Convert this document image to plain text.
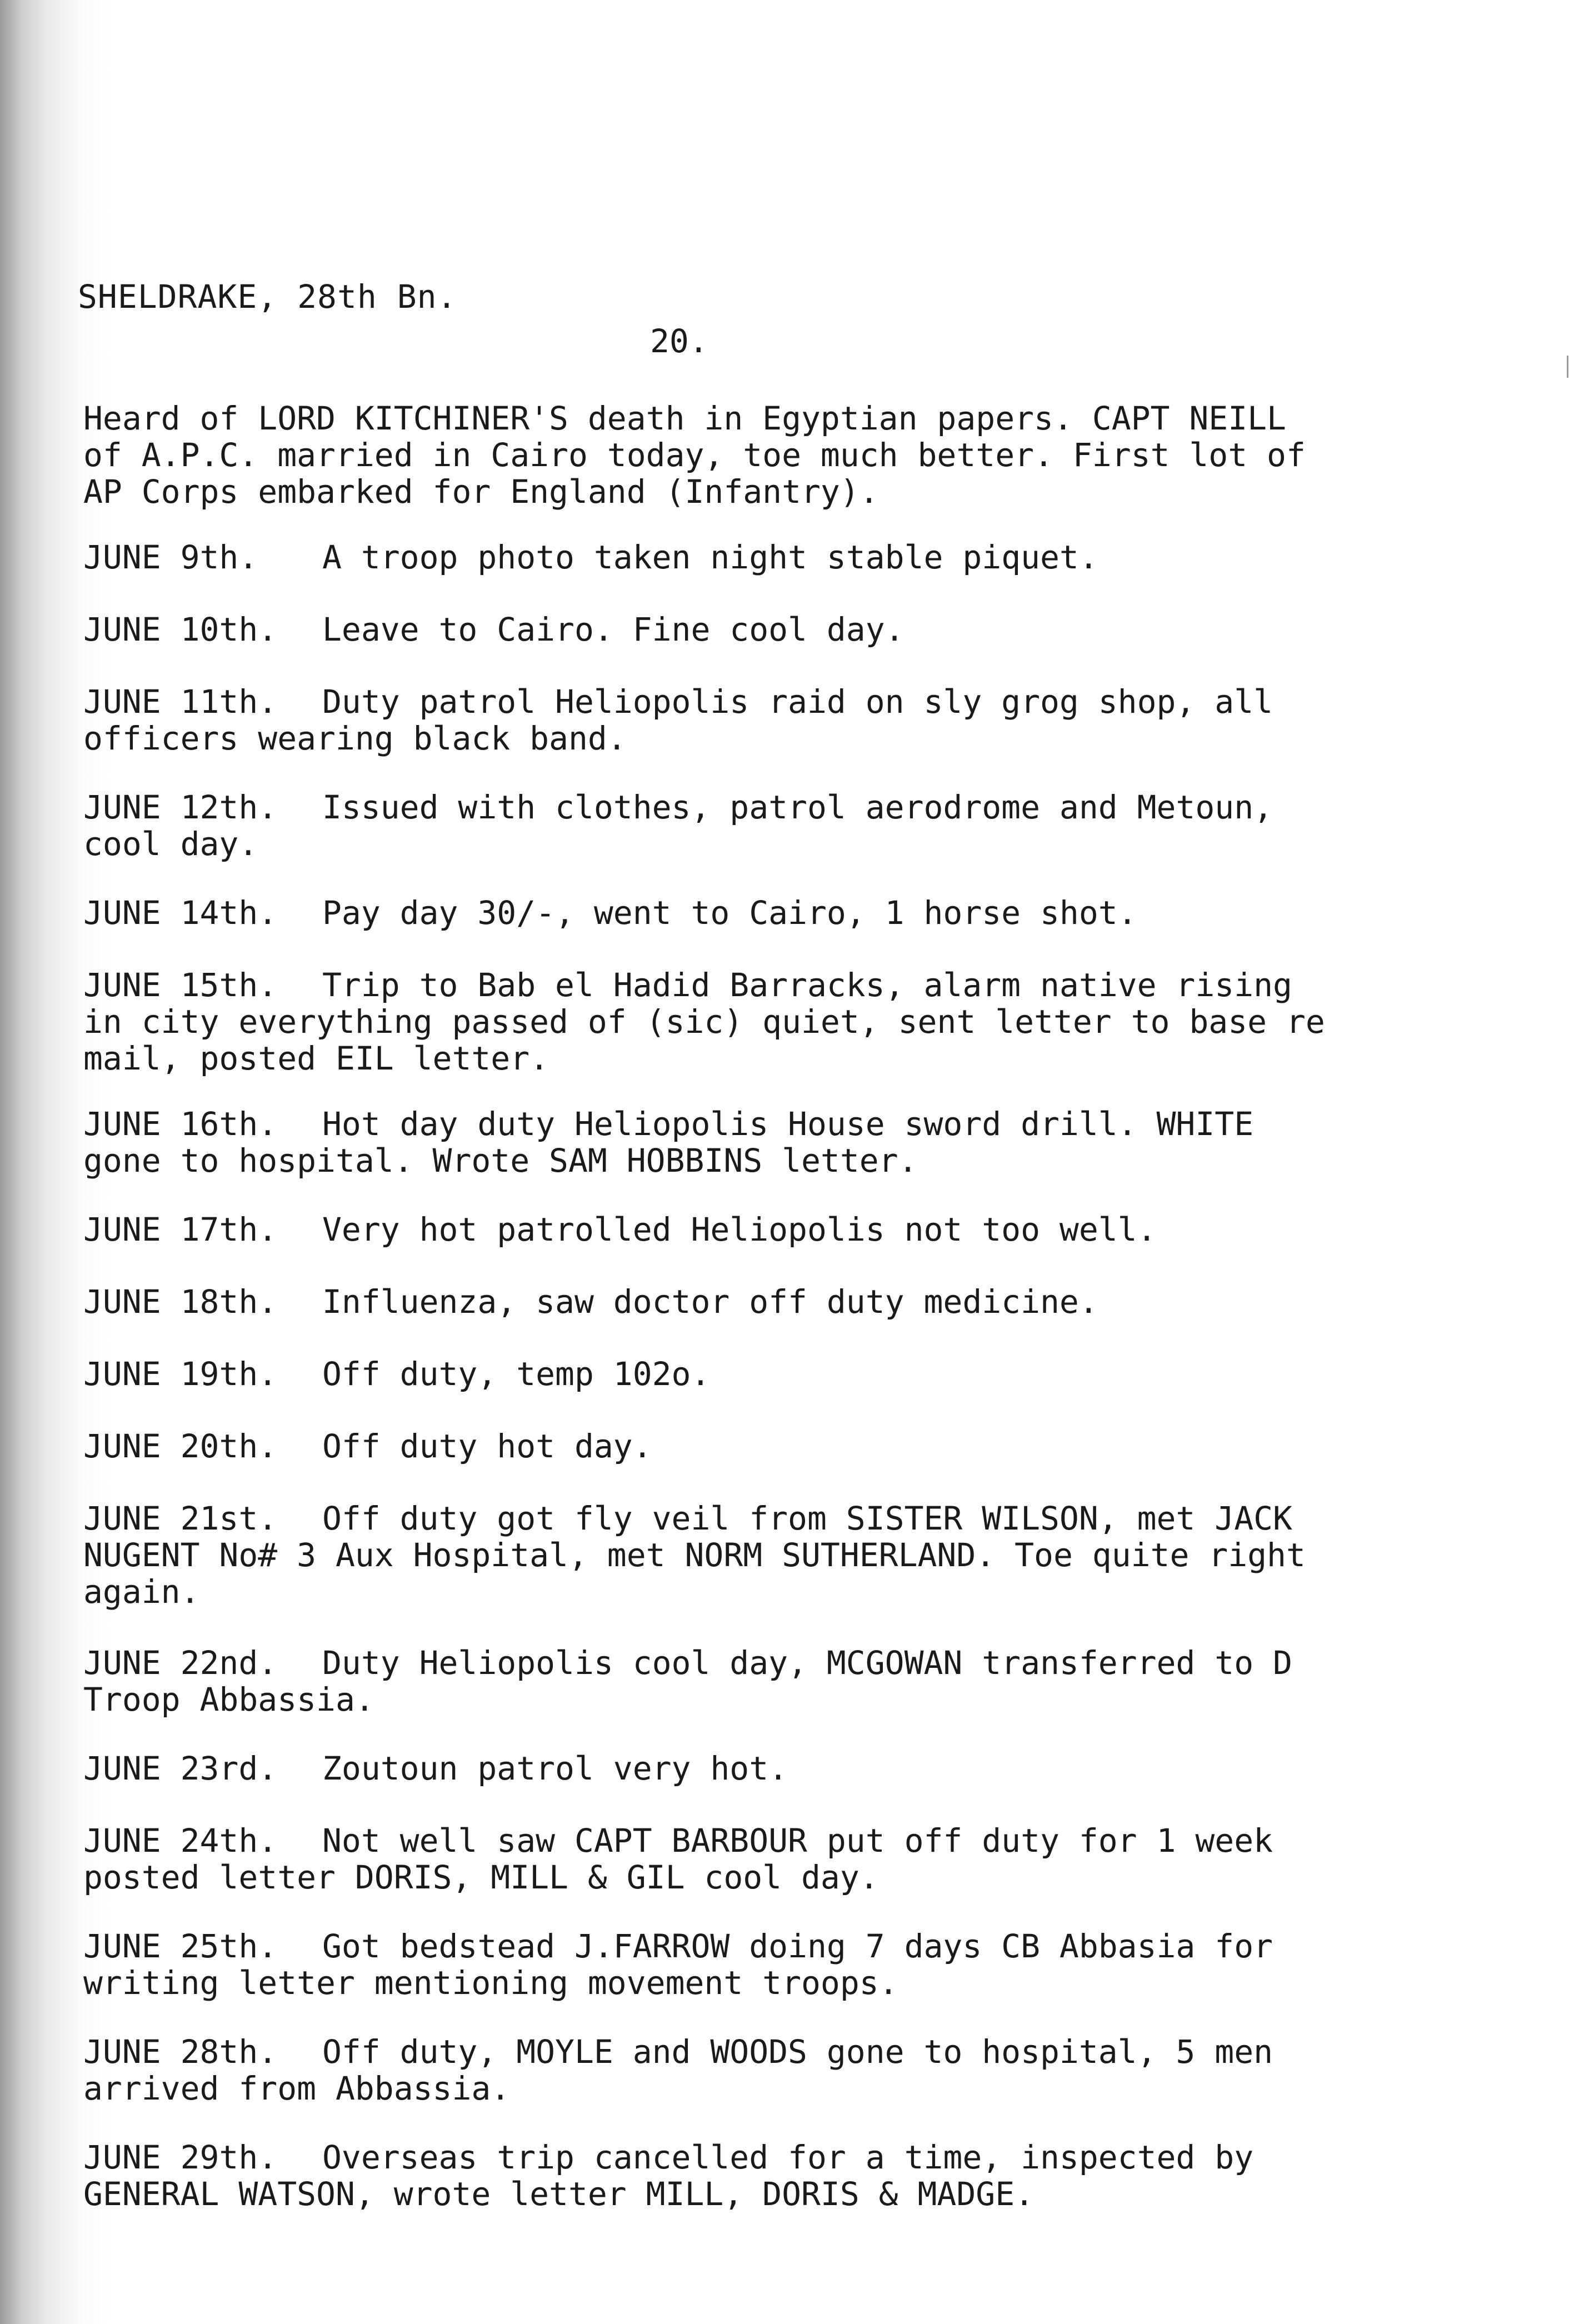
SHELDRAKE, 28th Bn.
20.
Heard of LORD KITCHINER'S death in Egyptian papers. CAPT NEILL of A.P.C. married in Cairo today, toe much better. First lot of AP Corps embarked for England (Infantry).
JUNE 9th. A troop photo taken night stable piquet.
JUNE 10th. Leave to Cairo. Fine cool day.
JUNE 11th. Duty patrol Heliopolis raid on sly grog shop, all officers wearing black band.
JUNE 12th. Issued with clothes, patrol aerodrome and Metoun, cool day.
JUNE 14th. Pay day 30/-, went to Cairo, 1 horse shot.
JUNE 15th. Trip to Bab el Hadid Barracks, alarm native rising in city everything passed of (sic) quiet, sent letter to base re mail, posted EIL letter.
JUNE 16th. Hot day duty Heliopolis House sword drill. WHITE gone to hospital. Wrote SAM HOBBINS letter.
JUNE 17th. Very hot patrolled Heliopolis not too well.
JUNE 18th. Influenza, saw doctor off duty medicine.
JUNE 19th. Off duty, temp 102o.
JUNE 20th. Off duty hot day.
JUNE 21st. Off duty got fly veil from SISTER WILSON, met JACK NUGENT No# 3 Aux Hospital, met NORM SUTHERLAND. Toe quite right again.
JUNE 22nd. Duty Heliopolis cool day, MCGOWAN transferred to D Troop Abbassia.
JUNE 23rd. Zoutoun patrol very hot.
JUNE 24th. Not well saw CAPT BARBOUR put off duty for 1 week posted letter DORIS, MILL & GIL cool day.
JUNE 25th. Got bedstead J.FARROW doing 7 days CB Abbasia for writing letter mentioning movement troops.
JUNE 28th. Off duty, MOYLE and WOODS gone to hospital, 5 men arrived from Abbassia.
JUNE 29th. Overseas trip cancelled for a time, inspected by GENERAL WATSON, wrote letter MILL, DORIS & MADGE.
